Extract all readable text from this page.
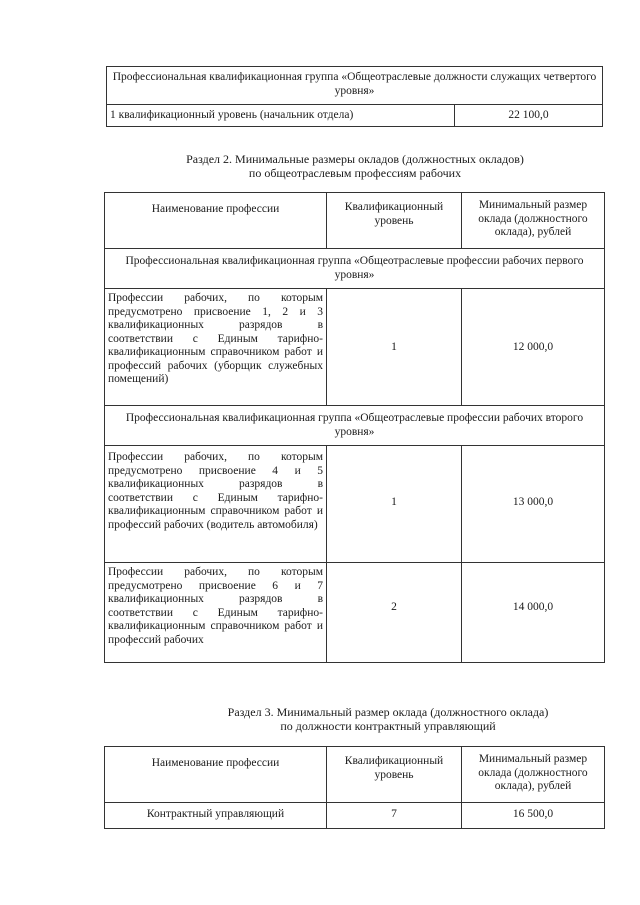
Профессиональная квалификационная группа «Общеотраслевые должности служащих четвертого уровня»
1 квалификационный уровень (начальник отдела)	22 100,0
Раздел 2. Минимальные размеры окладов (должностных окладов)
по общеотраслевым профессиям рабочих
Наименование профессии	Квалификационный уровень	Минимальный размер оклада (должностного оклада), рублей
Профессиональная квалификационная группа «Общеотраслевые профессии рабочих первого уровня»		
Профессии рабочих, по которым предусмотрено присвоение 1, 2 и 3 квалификационных разрядов в соответствии с Единым тарифно-квалификационным справочником работ и профессий рабочих (уборщик служебных помещений)	1	12 000,0
Профессиональная квалификационная группа «Общеотраслевые профессии рабочих второго уровня»		
Профессии рабочих, по которым предусмотрено присвоение 4 и 5 квалификационных разрядов в соответствии с Единым тарифно-квалификационным справочником работ и профессий рабочих (водитель автомобиля)	1	13 000,0
Профессии рабочих, по которым предусмотрено присвоение 6 и 7 квалификационных разрядов в соответствии с Единым тарифно-квалификационным справочником работ и профессий рабочих	2	14 000,0
Раздел 3. Минимальный размер оклада (должностного оклада)
по должности контрактный управляющий
Наименование профессии	Квалификационный уровень	Минимальный размер оклада (должностного оклада), рублей
Контрактный управляющий	7	16 500,0
